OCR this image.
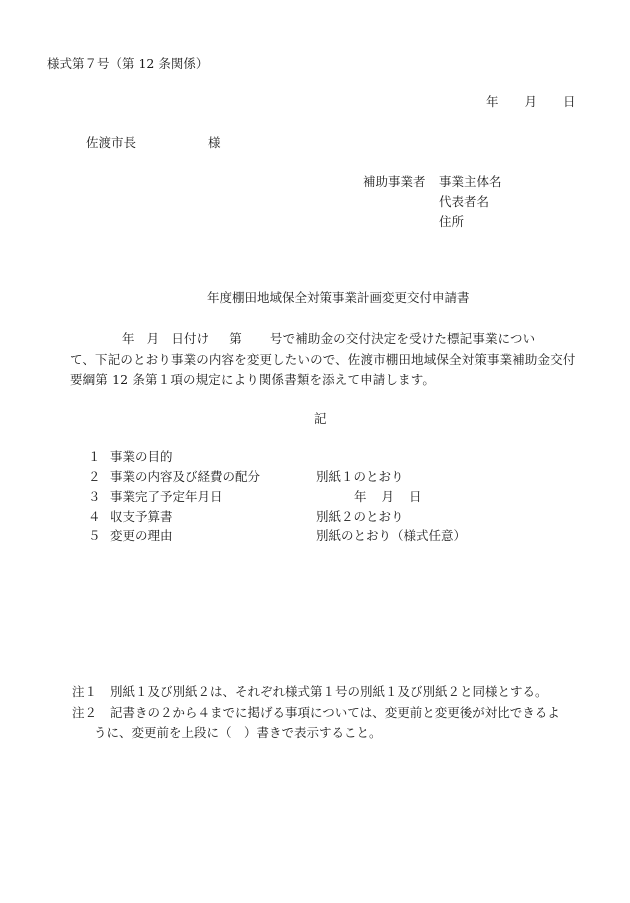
様式第７号（第 12 条関係）
年 月 日
佐渡市長	様
補助事業者 事業主体名
代表者名
住所
年度棚田地域保全対策事業計画変更交付申請書
年 月 日付け 第 号で補助金の交付決定を受けた標記事業につい
て、下記のとおり事業の内容を変更したいので、佐渡市棚田地域保全対策事業補助金交付
要綱第 12 条第１項の規定により関係書類を添えて申請します。
記
１ 事業の目的
２ 事業の内容及び経費の配分	別紙１のとおり
３ 事業完了予定年月日	年 月 日
４ 収支予算書	別紙２のとおり
５ 変更の理由	別紙のとおり（様式任意）
注１ 別紙１及び別紙２は、それぞれ様式第１号の別紙１及び別紙２と同様とする。
注２ 記書きの２から４までに掲げる事項については、変更前と変更後が対比できるよ
うに、変更前を上段に（　）書きで表示すること。
